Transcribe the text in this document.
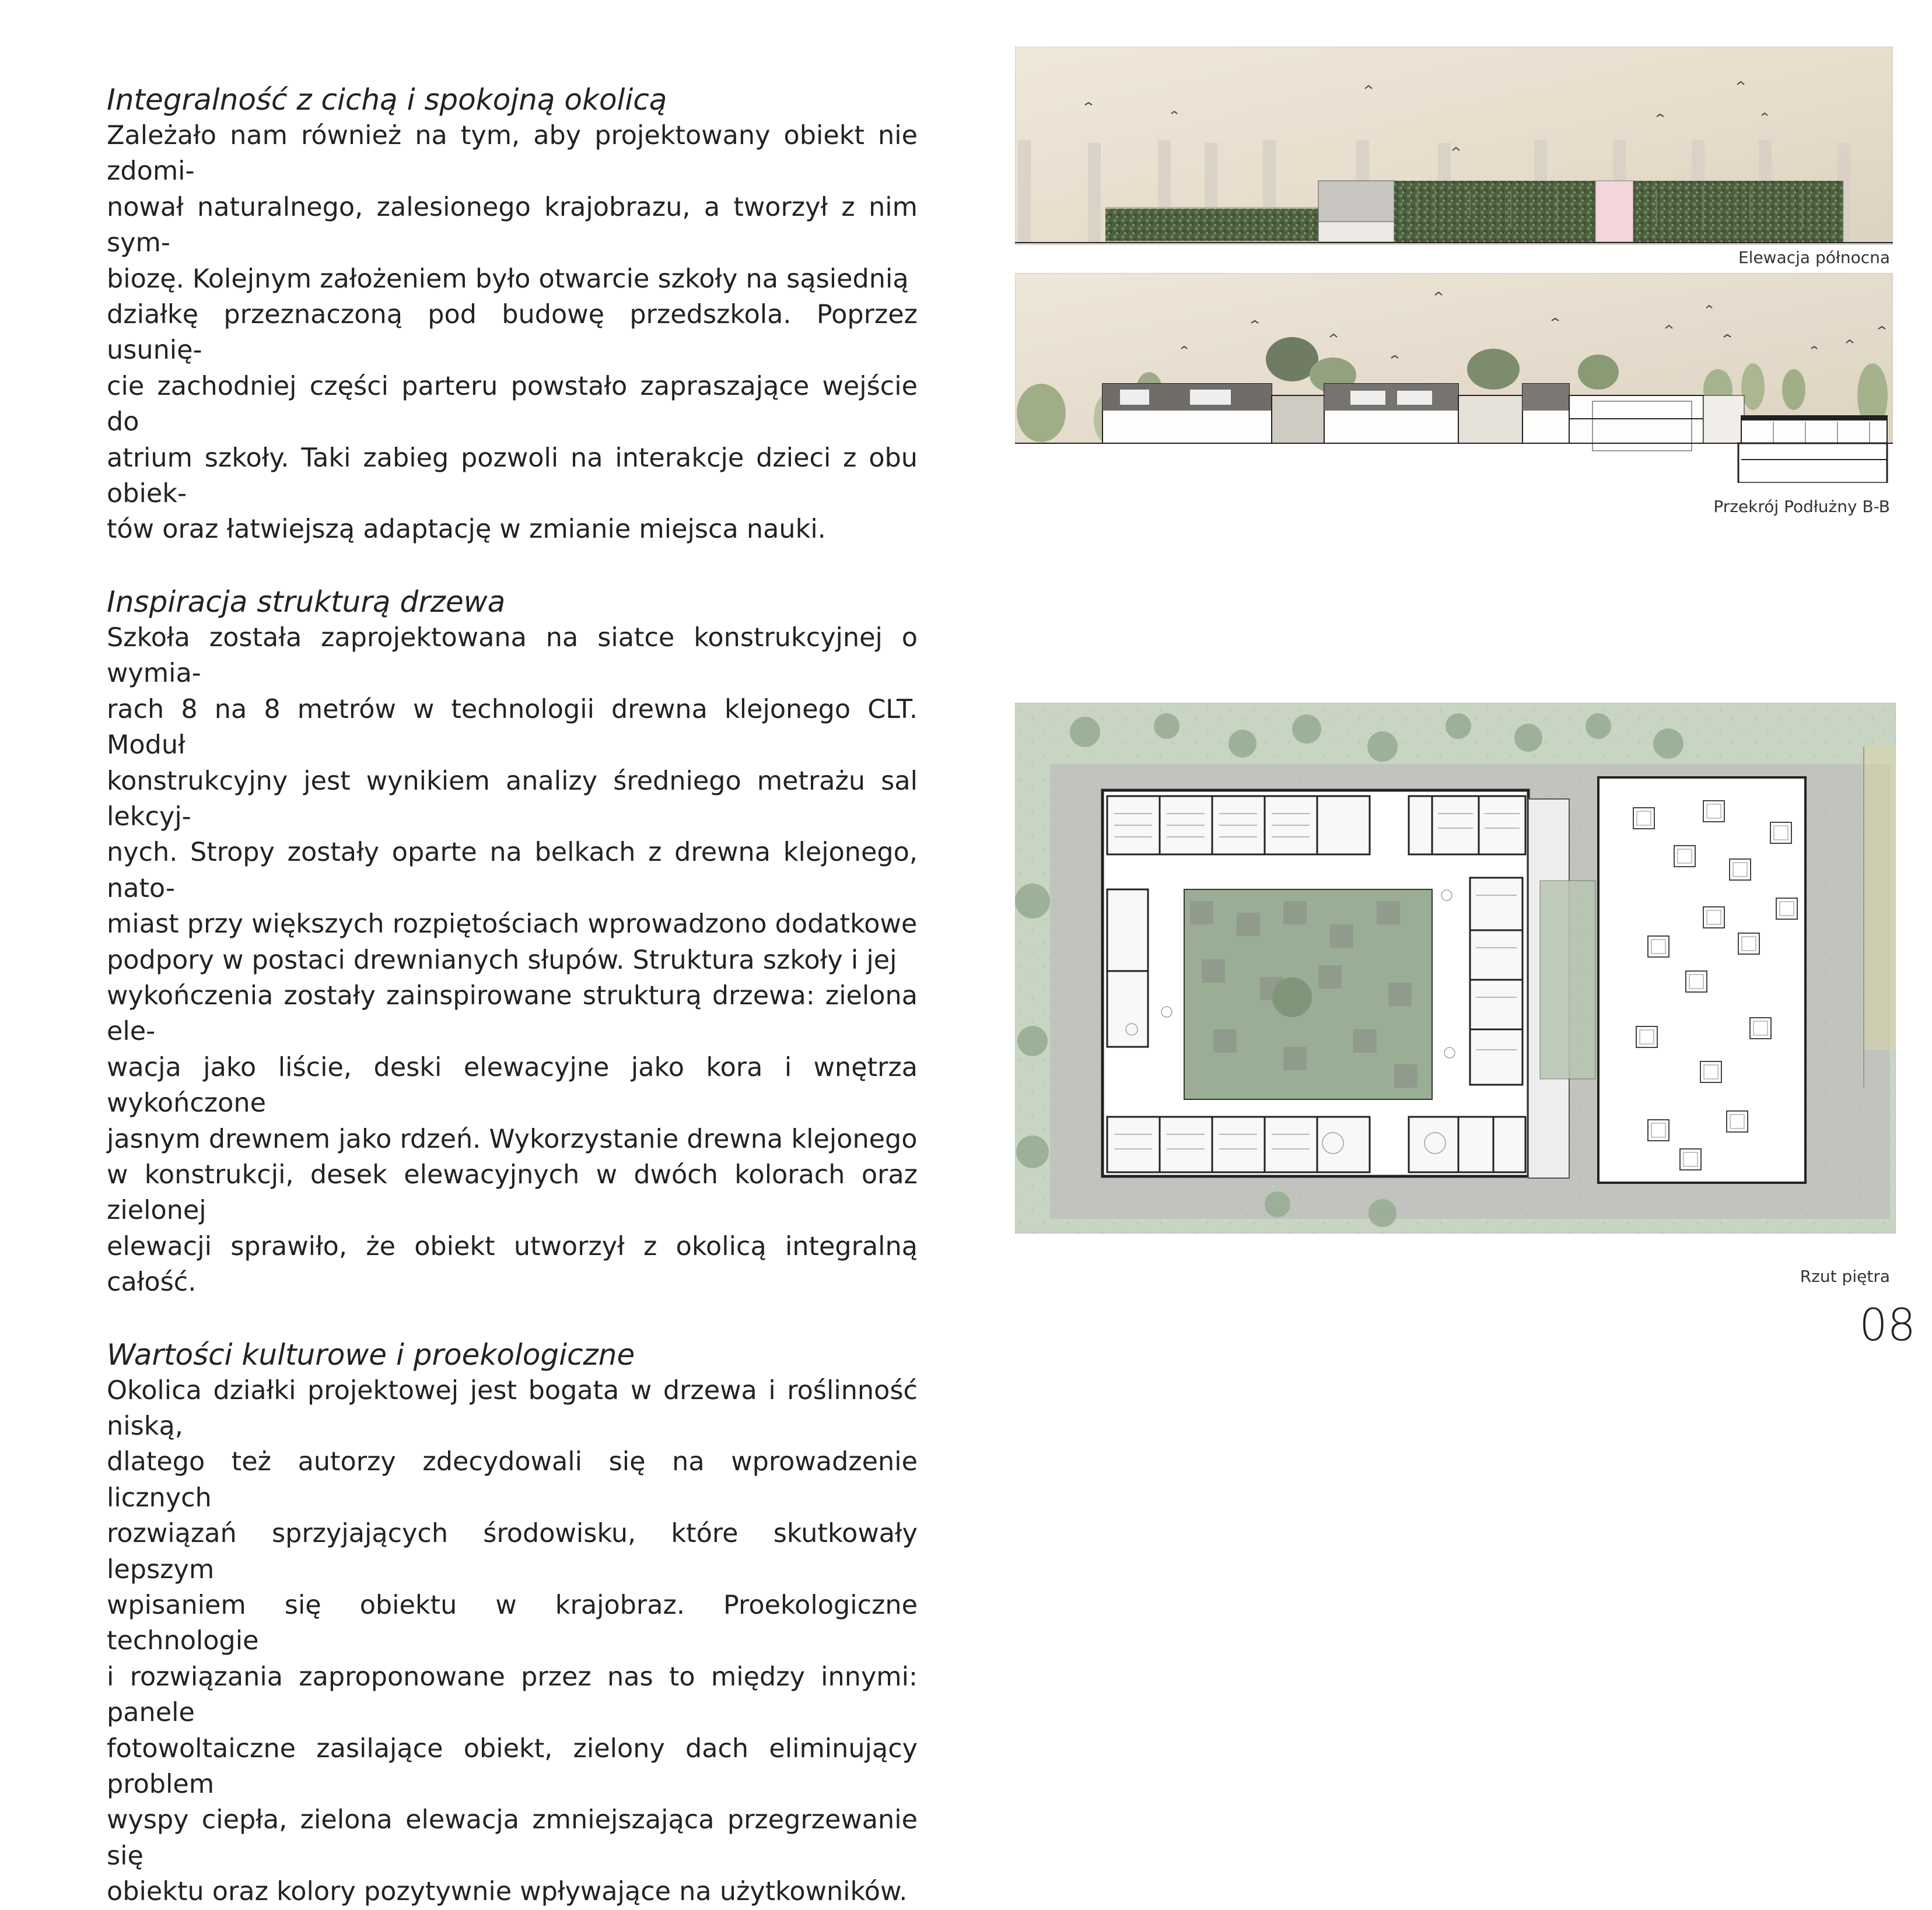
Integralność z cichą i spokojną okolicą

Zależało nam również na tym, aby projektowany obiekt nie zdomi-
nował naturalnego, zalesionego krajobrazu, a tworzył z nim sym-
biozę. Kolejnym założeniem było otwarcie szkoły na sąsiednią
działkę przeznaczoną pod budowę przedszkola. Poprzez usunię-
cie zachodniej części parteru powstało zapraszające wejście do
atrium szkoły. Taki zabieg pozwoli na interakcje dzieci z obu obiek-
tów oraz łatwiejszą adaptację w zmianie miejsca nauki.

Inspiracja strukturą drzewa

Szkoła została zaprojektowana na siatce konstrukcyjnej o wymia-
rach 8 na 8 metrów w technologii drewna klejonego CLT. Moduł
konstrukcyjny jest wynikiem analizy średniego metrażu sal lekcyj-
nych. Stropy zostały oparte na belkach z drewna klejonego, nato-
miast przy większych rozpiętościach wprowadzono dodatkowe
podpory w postaci drewnianych słupów. Struktura szkoły i jej
wykończenia zostały zainspirowane strukturą drzewa: zielona ele-
wacja jako liście, deski elewacyjne jako kora i wnętrza wykończone
jasnym drewnem jako rdzeń. Wykorzystanie drewna klejonego
w konstrukcji, desek elewacyjnych w dwóch kolorach oraz zielonej
elewacji sprawiło, że obiekt utworzył z okolicą integralną całość.

Wartości kulturowe i proekologiczne

Okolica działki projektowej jest bogata w drzewa i roślinność niską,
dlatego też autorzy zdecydowali się na wprowadzenie licznych
rozwiązań sprzyjających środowisku, które skutkowały lepszym
wpisaniem się obiektu w krajobraz. Proekologiczne technologie
i rozwiązania zaproponowane przez nas to między innymi: panele
fotowoltaiczne zasilające obiekt, zielony dach eliminujący problem
wyspy ciepła, zielona elewacja zmniejszająca przegrzewanie się
obiektu oraz kolory pozytywnie wpływające na użytkowników.

Elewacja północna
Przekrój Podłużny B-B
Rzut piętra
08
